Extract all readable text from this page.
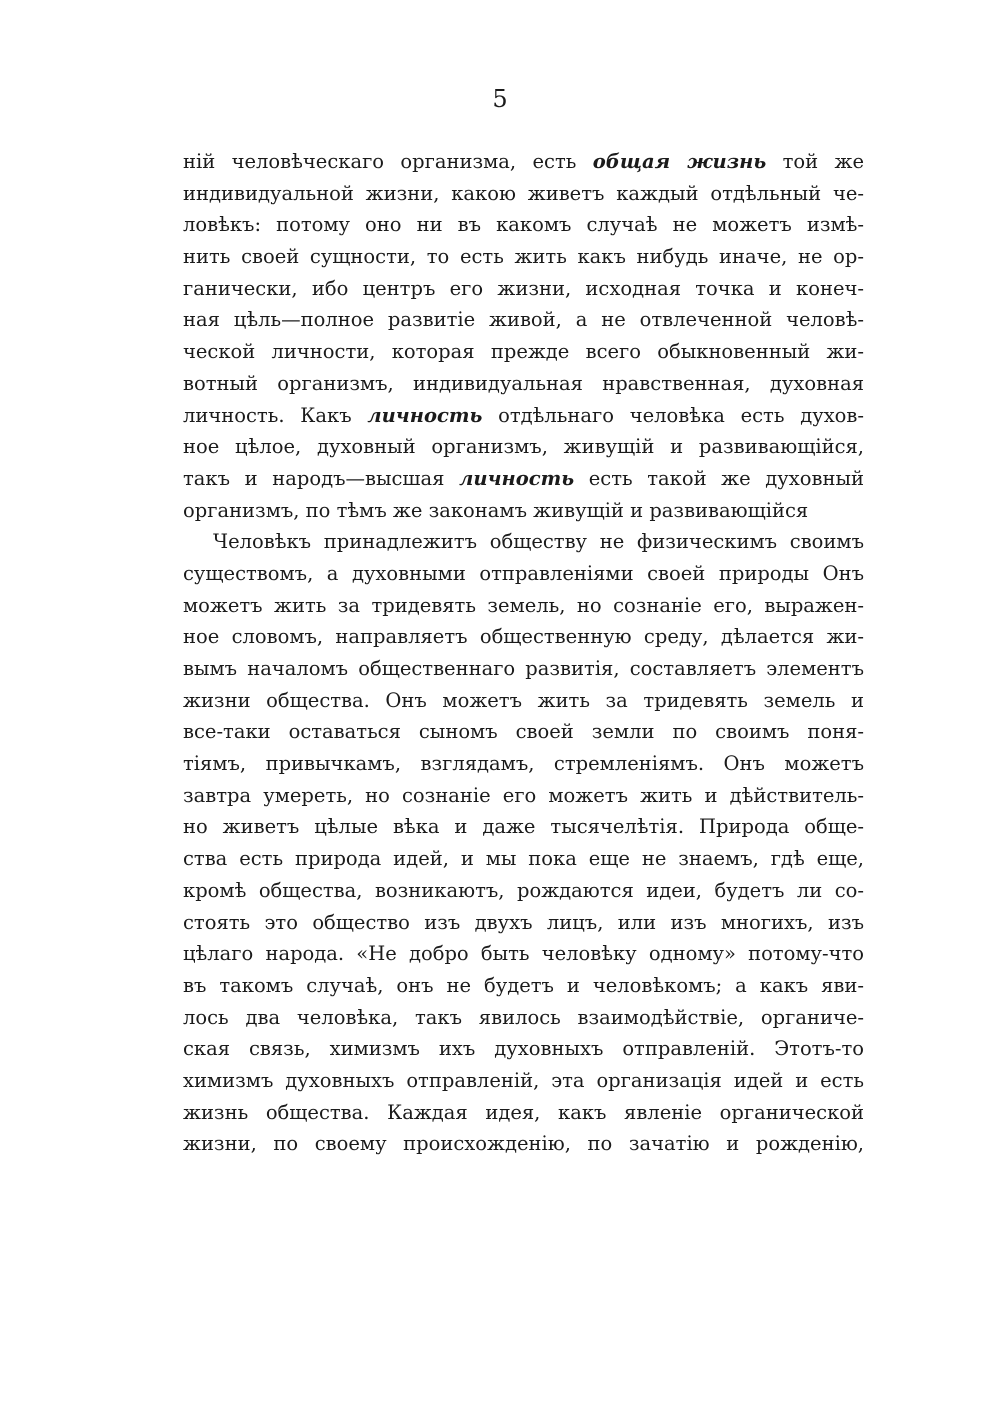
5
ній человѣческаго организма, есть общая жизнь той же
индивидуальной жизни, какою живетъ каждый отдѣльный че-
ловѣкъ: потому оно ни въ какомъ случаѣ не можетъ измѣ-
нить своей сущности, то есть жить какъ нибудь иначе, не ор-
ганически, ибо центръ его жизни, исходная точка и конеч-
ная цѣль—полное развитіе живой, а не отвлеченной человѣ-
ческой личности, которая прежде всего обыкновенный жи-
вотный организмъ, индивидуальная нравственная, духовная
личность. Какъ личность отдѣльнаго человѣка есть духов-
ное цѣлое, духовный организмъ, живущій и развивающійся,
такъ и народъ—высшая личность есть такой же духовный
организмъ, по тѣмъ же законамъ живущій и развивающійся
Человѣкъ принадлежитъ обществу не физическимъ своимъ
существомъ, а духовными отправленіями своей природы Онъ
можетъ жить за тридевять земель, но сознаніе его, выражен-
ное словомъ, направляетъ общественную среду, дѣлается жи-
вымъ началомъ общественнаго развитія, составляетъ элементъ
жизни общества. Онъ можетъ жить за тридевять земель и
все-таки оставаться сыномъ своей земли по своимъ поня-
тіямъ, привычкамъ, взглядамъ, стремленіямъ. Онъ можетъ
завтра умереть, но сознаніе его можетъ жить и дѣйствитель-
но живетъ цѣлые вѣка и даже тысячелѣтія. Природа обще-
ства есть природа идей, и мы пока еще не знаемъ, гдѣ еще,
кромѣ общества, возникаютъ, рождаются идеи, будетъ ли со-
стоять это общество изъ двухъ лицъ, или изъ многихъ, изъ
цѣлаго народа. «Не добро быть человѣку одному» потому-что
въ такомъ случаѣ, онъ не будетъ и человѣкомъ; а какъ яви-
лось два человѣка, такъ явилось взаимодѣйствіе, органиче-
ская связь, химизмъ ихъ духовныхъ отправленій. Этотъ-то
химизмъ духовныхъ отправленій, эта организація идей и есть
жизнь общества. Каждая идея, какъ явленіе органической
жизни, по своему происхожденію, по зачатію и рожденію,
